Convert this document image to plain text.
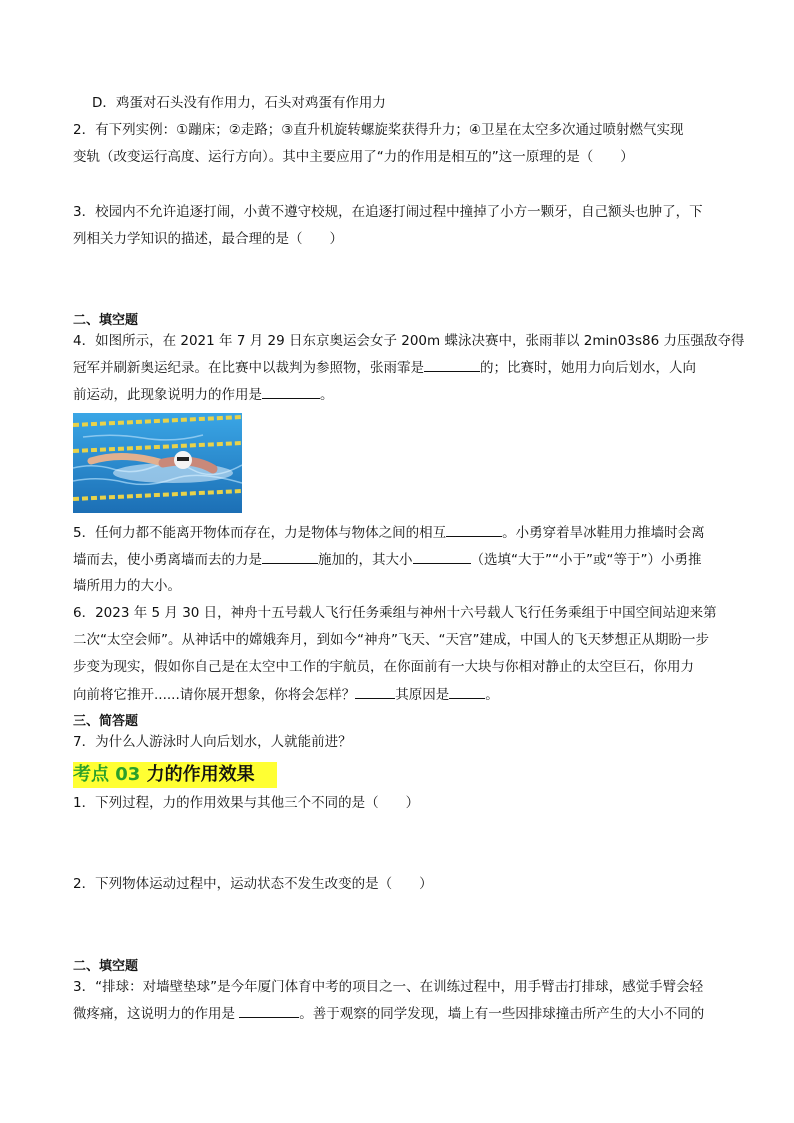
D．鸡蛋对石头没有作用力，石头对鸡蛋有作用力
2．有下列实例：①蹦床；②走路；③直升机旋转螺旋桨获得升力；④卫星在太空多次通过喷射燃气实现
变轨（改变运行高度、运行方向）。其中主要应用了“力的作用是相互的”这一原理的是（　　）
3．校园内不允许追逐打闹，小黄不遵守校规，在追逐打闹过程中撞掉了小方一颗牙，自己额头也肿了，下
列相关力学知识的描述，最合理的是（　　）
二、填空题
4．如图所示，在 2021 年 7 月 29 日东京奥运会女子 200m 蝶泳决赛中，张雨菲以 2min03s86 力压强敌夺得
冠军并刷新奥运纪录。在比赛中以裁判为参照物，张雨霏是	的；比赛时，她用力向后划水，人向
前运动，此现象说明力的作用是	。
5．任何力都不能离开物体而存在，力是物体与物体之间的相互	。小勇穿着旱冰鞋用力推墙时会离
墙而去，使小勇离墙而去的力是	施加的，其大小	（选填“大于”“小于”或“等于”）小勇推
墙所用力的大小。
6．2023 年 5 月 30 日，神舟十五号载人飞行任务乘组与神州十六号载人飞行任务乘组于中国空间站迎来第
二次“太空会师”。从神话中的嫦娥奔月，到如今“神舟”飞天、“天宫”建成，中国人的飞天梦想正从期盼一步
步变为现实，假如你自己是在太空中工作的宇航员，在你面前有一大块与你相对静止的太空巨石，你用力
向前将它推开......请你展开想象，你将会怎样？	其原因是	。
三、简答题
7．为什么人游泳时人向后划水，人就能前进？
考点 03 力的作用效果
1．下列过程，力的作用效果与其他三个不同的是（　　）
2．下列物体运动过程中，运动状态不发生改变的是（　　）
二、填空题
3．“排球：对墙壁垫球”是今年厦门体育中考的项目之一、在训练过程中，用手臂击打排球，感觉手臂会轻
微疼痛，这说明力的作用是	。善于观察的同学发现，墙上有一些因排球撞击所产生的大小不同的
